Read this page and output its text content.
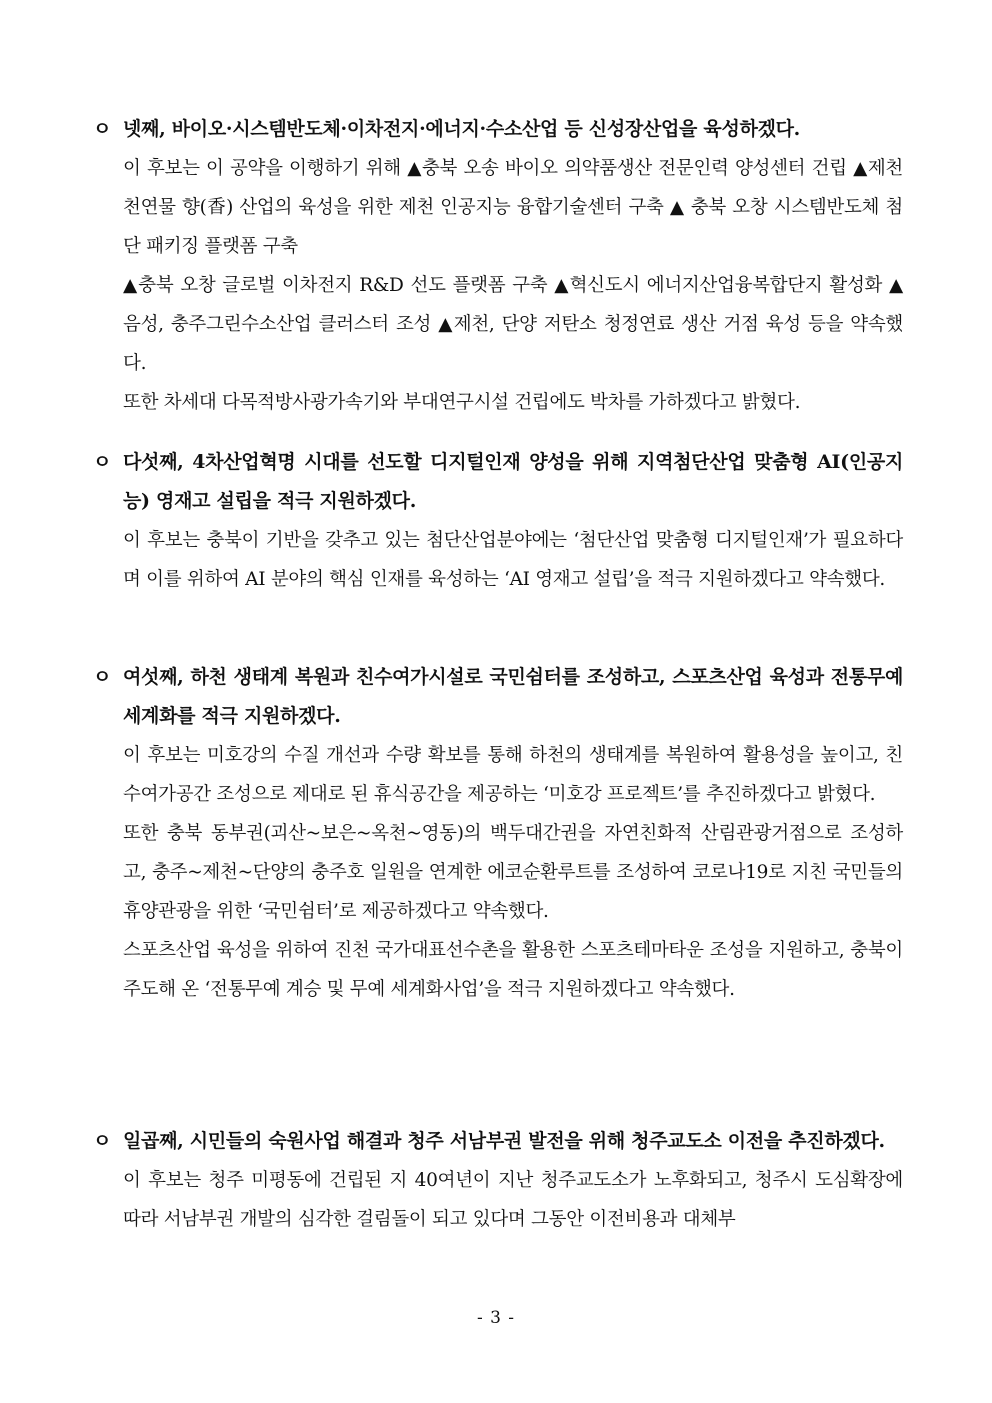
ㅇ 넷째, 바이오·시스템반도체·이차전지·에너지·수소산업 등 신성장산업을 육성하겠다.
이 후보는 이 공약을 이행하기 위해 ▲충북 오송 바이오 의약품생산 전문인력 양성센터 건립 ▲제천 천연물 향(香) 산업의 육성을 위한 제천 인공지능 융합기술센터 구축 ▲ 충북 오창 시스템반도체 첨단 패키징 플랫폼 구축
▲충북 오창 글로벌 이차전지 R&D 선도 플랫폼 구축 ▲혁신도시 에너지산업융복합단지 활성화 ▲음성, 충주그린수소산업 클러스터 조성 ▲제천, 단양 저탄소 청정연료 생산 거점 육성 등을 약속했다.
또한 차세대 다목적방사광가속기와 부대연구시설 건립에도 박차를 가하겠다고 밝혔다.
ㅇ 다섯째, 4차산업혁명 시대를 선도할 디지털인재 양성을 위해 지역첨단산업 맞춤형 AI(인공지능) 영재고 설립을 적극 지원하겠다.
이 후보는 충북이 기반을 갖추고 있는 첨단산업분야에는 ‘첨단산업 맞춤형 디지털인재’가 필요하다며 이를 위하여 AI 분야의 핵심 인재를 육성하는 ‘AI 영재고 설립’을 적극 지원하겠다고 약속했다.
ㅇ 여섯째, 하천 생태계 복원과 친수여가시설로 국민쉼터를 조성하고, 스포츠산업 육성과 전통무예 세계화를 적극 지원하겠다.
이 후보는 미호강의 수질 개선과 수량 확보를 통해 하천의 생태계를 복원하여 활용성을 높이고, 친수여가공간 조성으로 제대로 된 휴식공간을 제공하는 ‘미호강 프로젝트’를 추진하겠다고 밝혔다.
또한 충북 동부권(괴산~보은~옥천~영동)의 백두대간권을 자연친화적 산림관광거점으로 조성하고, 충주~제천~단양의 충주호 일원을 연계한 에코순환루트를 조성하여 코로나19로 지친 국민들의 휴양관광을 위한 ‘국민쉼터’로 제공하겠다고 약속했다.
스포츠산업 육성을 위하여 진천 국가대표선수촌을 활용한 스포츠테마타운 조성을 지원하고, 충북이 주도해 온 ‘전통무예 계승 및 무예 세계화사업’을 적극 지원하겠다고 약속했다.
ㅇ 일곱째, 시민들의 숙원사업 해결과 청주 서남부권 발전을 위해 청주교도소 이전을 추진하겠다.
이 후보는 청주 미평동에 건립된 지 40여년이 지난 청주교도소가 노후화되고, 청주시 도심확장에 따라 서남부권 개발의 심각한 걸림돌이 되고 있다며 그동안 이전비용과 대체부
- 3 -
